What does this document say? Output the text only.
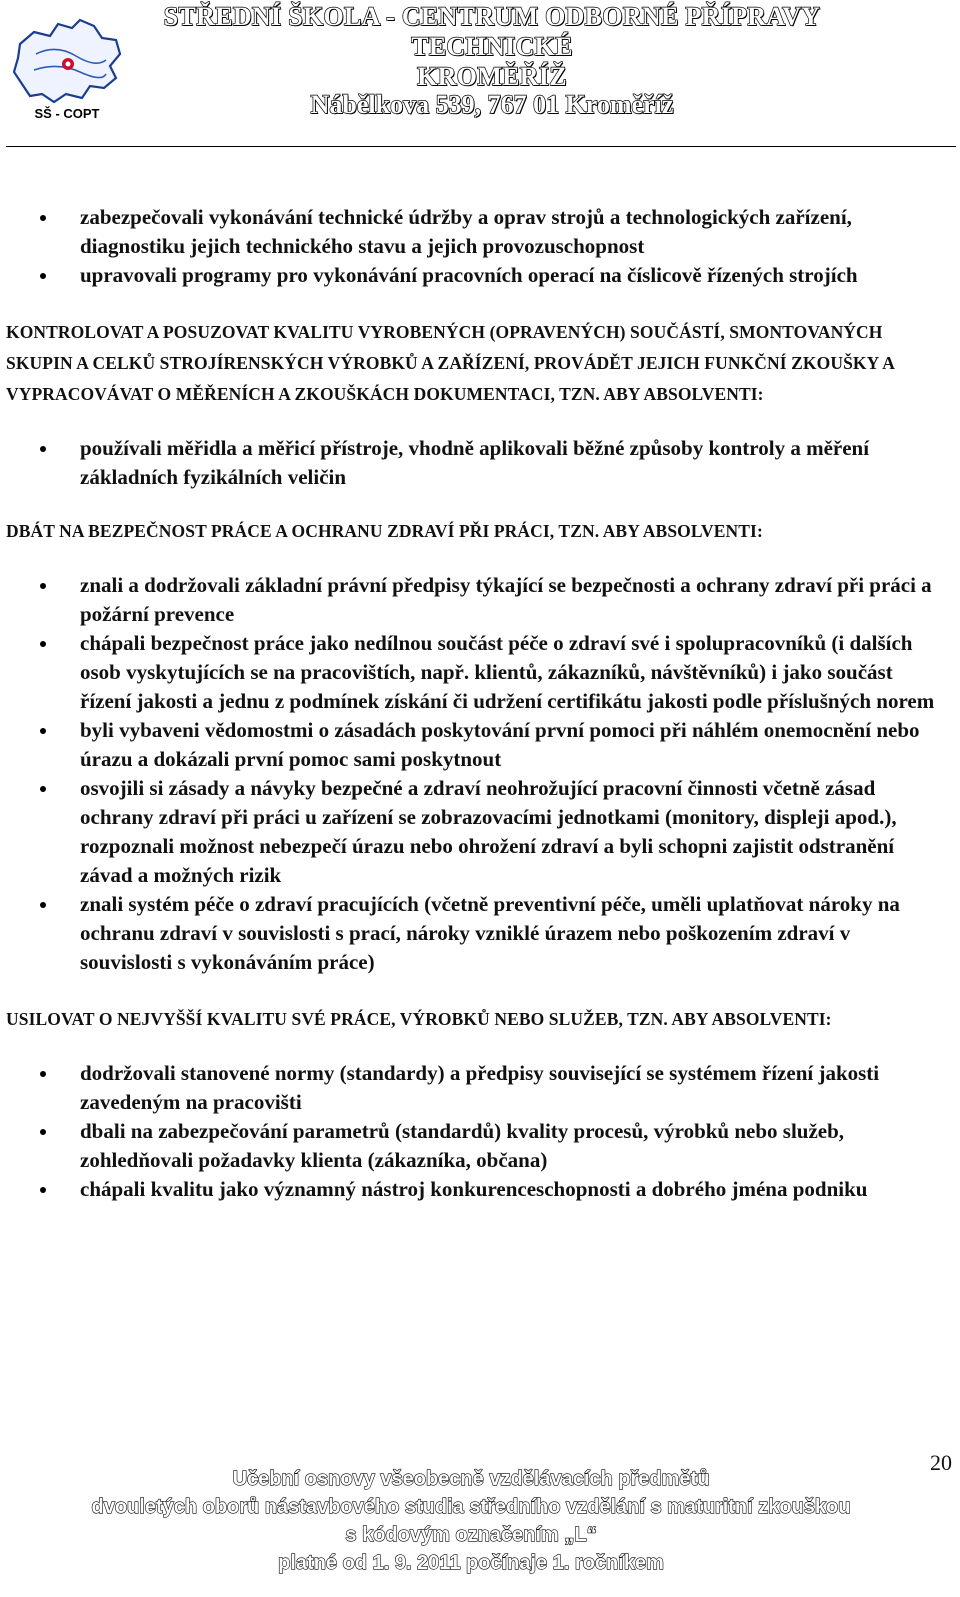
SŠ - COPT
STŘEDNÍ ŠKOLA - CENTRUM ODBORNÉ PŘÍPRAVY TECHNICKÉ
KROMĚŘÍŽ
Nábělkova 539, 767 01 Kroměříž
zabezpečovali vykonávání technické údržby a oprav strojů a technologických zařízení, diagnostiku jejich technického stavu a jejich provozuschopnost
upravovali programy pro vykonávání pracovních operací na číslicově řízených strojích

KONTROLOVAT A POSUZOVAT KVALITU VYROBENÝCH (OPRAVENÝCH) SOUČÁSTÍ, SMONTOVANÝCH SKUPIN A CELKŮ STROJÍRENSKÝCH VÝROBKŮ A ZAŘÍZENÍ, PROVÁDĚT JEJICH FUNKČNÍ ZKOUŠKY A VYPRACOVÁVAT O MĚŘENÍCH A ZKOUŠKÁCH DOKUMENTACI, TZN. ABY ABSOLVENTI:

používali měřidla a měřicí přístroje, vhodně aplikovali běžné způsoby kontroly a měření základních fyzikálních veličin

DBÁT NA BEZPEČNOST PRÁCE A OCHRANU ZDRAVÍ PŘI PRÁCI, TZN. ABY ABSOLVENTI:

znali a dodržovali základní právní předpisy týkající se bezpečnosti a ochrany zdraví při práci a požární prevence
chápali bezpečnost práce jako nedílnou součást péče o zdraví své i spolupracovníků (i dalších osob vyskytujících se na pracovištích, např. klientů, zákazníků, návštěvníků) i jako součást řízení jakosti a jednu z podmínek získání či udržení certifikátu jakosti podle příslušných norem
byli vybaveni vědomostmi o zásadách poskytování první pomoci při náhlém onemocnění nebo úrazu a dokázali první pomoc sami poskytnout
osvojili si zásady a návyky bezpečné a zdraví neohrožující pracovní činnosti včetně zásad ochrany zdraví při práci u zařízení se zobrazovacími jednotkami (monitory, displeji apod.), rozpoznali možnost nebezpečí úrazu nebo ohrožení zdraví a byli schopni zajistit odstranění závad a možných rizik
znali systém péče o zdraví pracujících (včetně preventivní péče, uměli uplatňovat nároky na ochranu zdraví v souvislosti s prací, nároky vzniklé úrazem nebo poškozením zdraví v souvislosti s vykonáváním práce)

USILOVAT O NEJVYŠŠÍ KVALITU SVÉ PRÁCE, VÝROBKŮ NEBO SLUŽEB, TZN. ABY ABSOLVENTI:

dodržovali stanovené normy (standardy) a předpisy související se systémem řízení jakosti zavedeným na pracovišti
dbali na zabezpečování parametrů (standardů) kvality procesů, výrobků nebo služeb, zohledňovali požadavky klienta (zákazníka, občana)
chápali kvalitu jako významný nástroj konkurenceschopnosti a dobrého jména podniku
Učební osnovy všeobecně vzdělávacích předmětů
dvouletých oborů nástavbového studia středního vzdělání s maturitní zkouškou
s kódovým označením „L“
platné od 1. 9. 2011 počínaje 1. ročníkem
20
